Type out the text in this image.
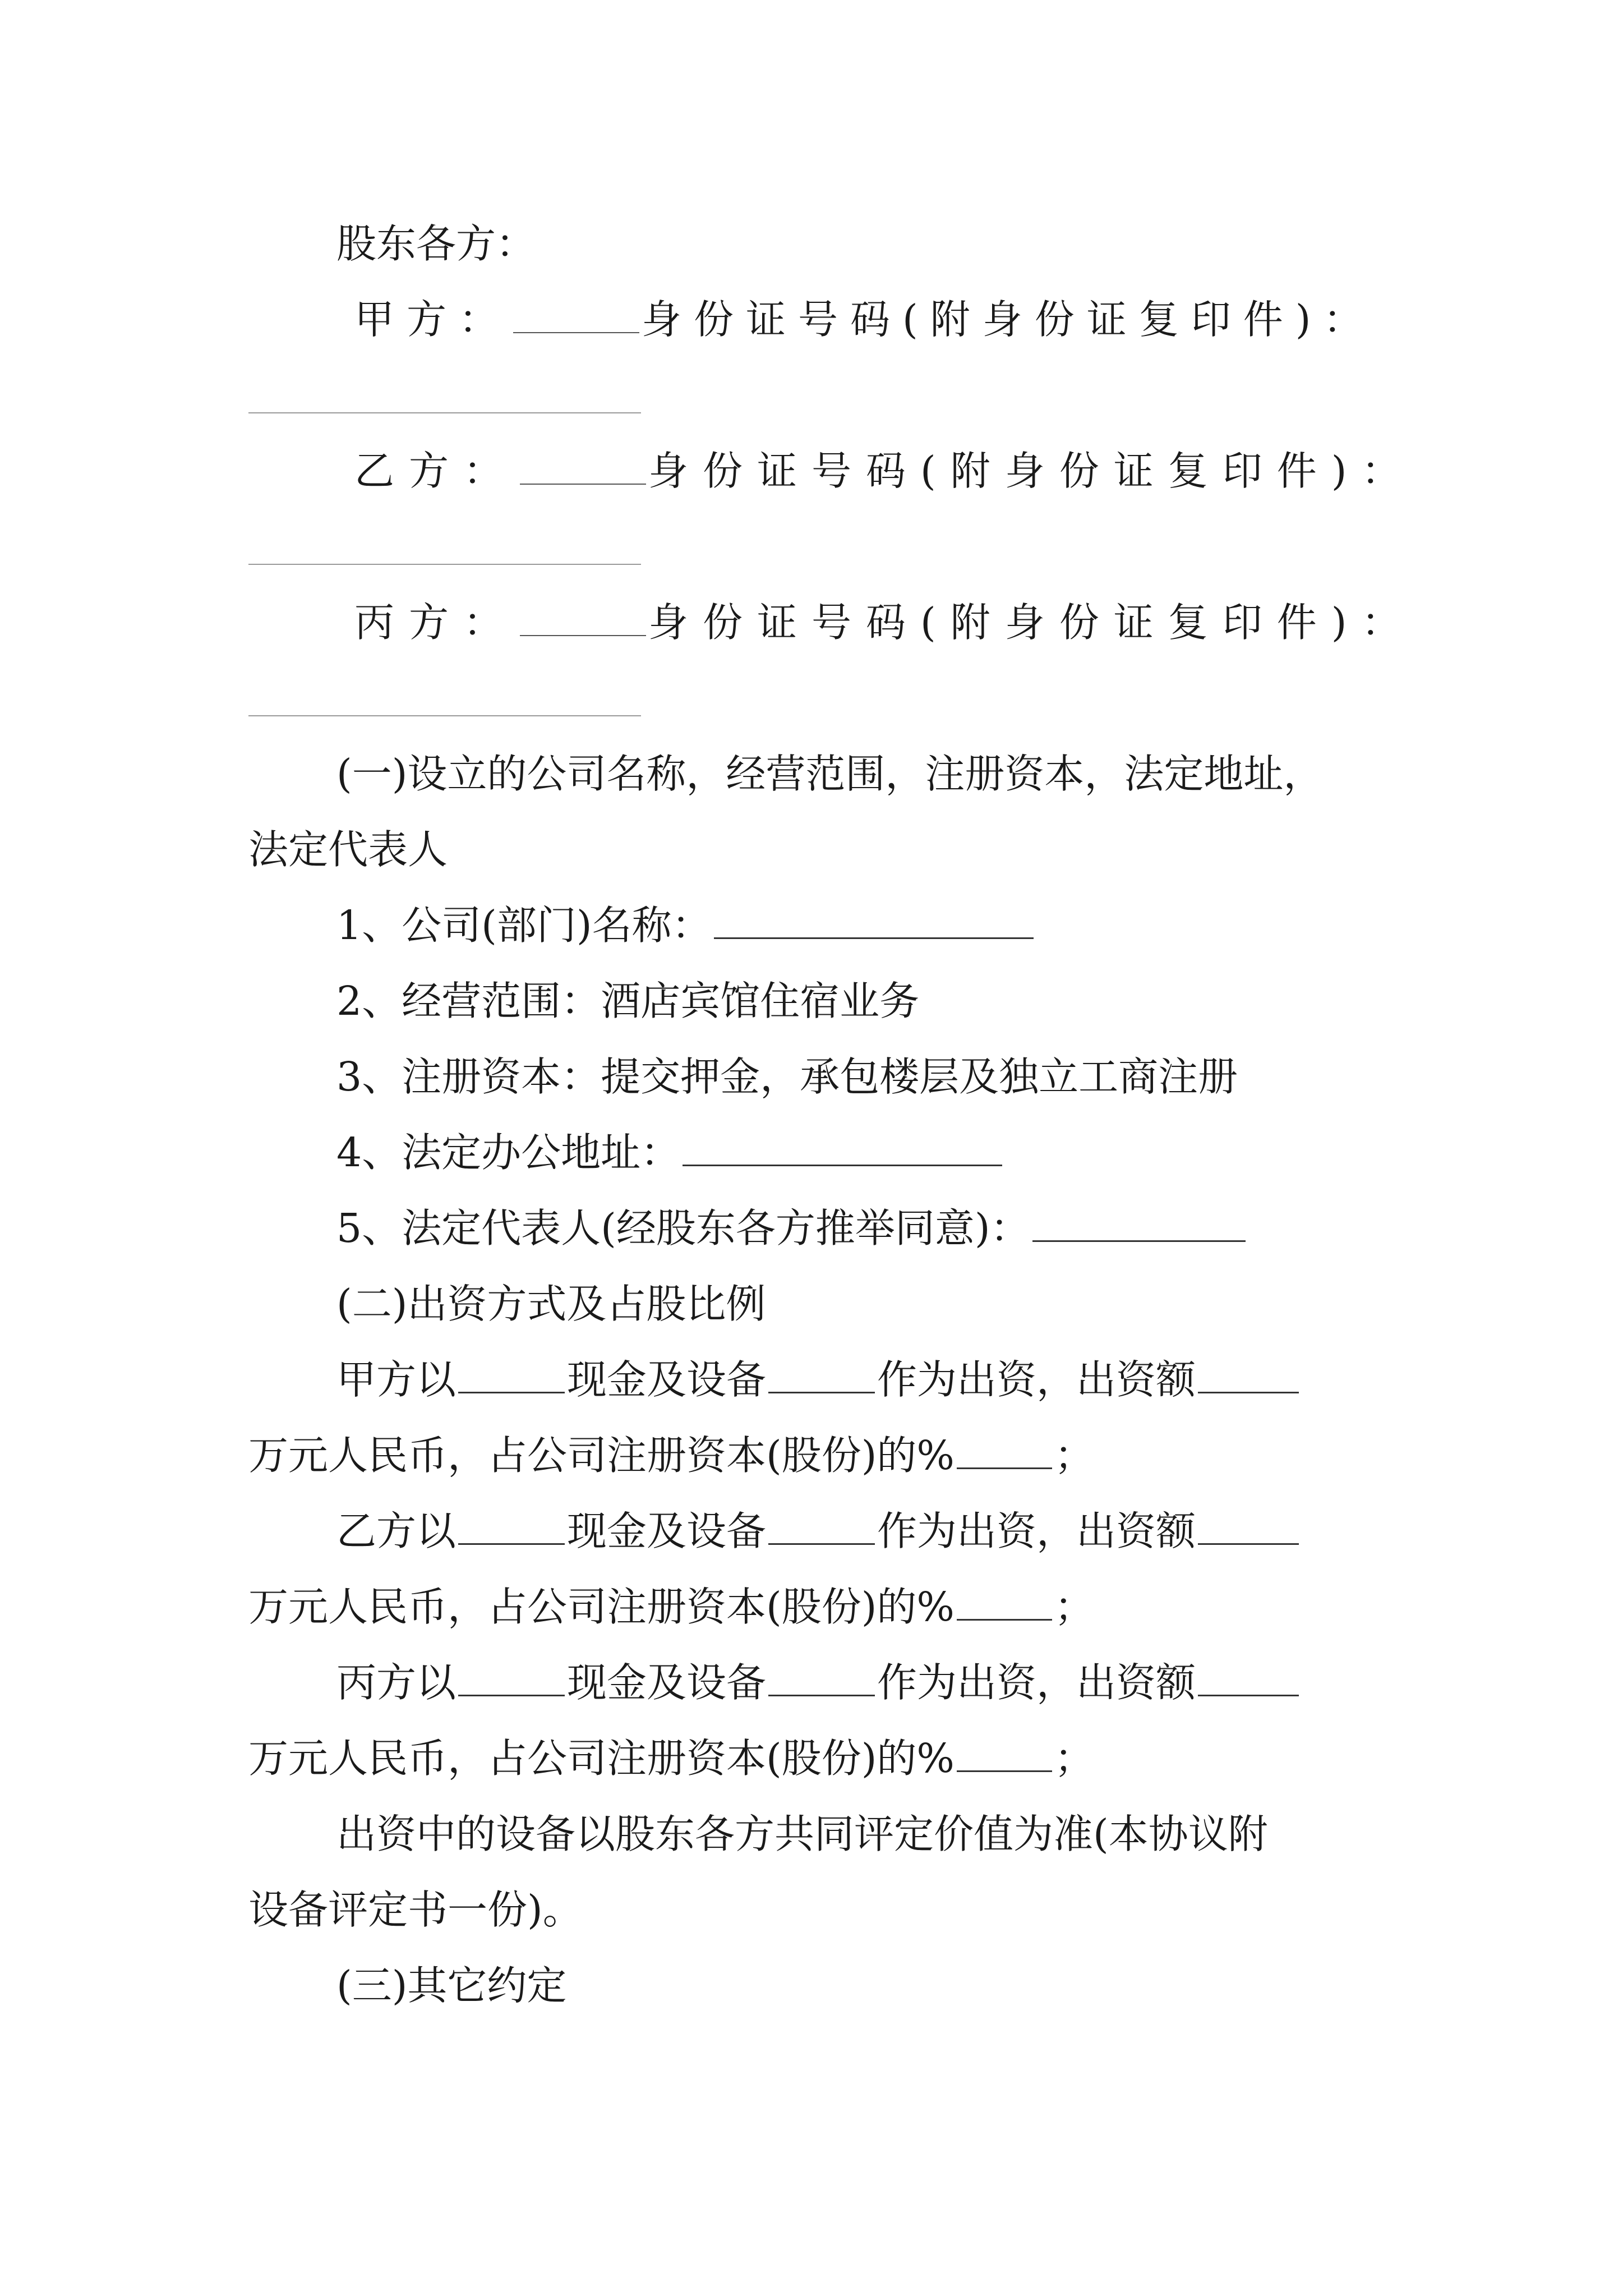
股东各方：

甲方：	身份证号码(附身份证复印件)：

乙方：	身份证号码(附身份证复印件)：

丙方：	身份证号码(附身份证复印件)：

(一)设立的公司名称，经营范围，注册资本，法定地址，

法定代表人

1、公司(部门)名称：

2、经营范围：酒店宾馆住宿业务

3、注册资本：提交押金，承包楼层及独立工商注册

4、法定办公地址：

5、法定代表人(经股东各方推举同意)：

(二)出资方式及占股比例

甲方以	现金及设备	作为出资，出资额

万元人民币，占公司注册资本(股份)的%	；

乙方以	现金及设备	作为出资，出资额

万元人民币，占公司注册资本(股份)的%	；

丙方以	现金及设备	作为出资，出资额

万元人民币，占公司注册资本(股份)的%	；

出资中的设备以股东各方共同评定价值为准(本协议附

设备评定书一份)。

(三)其它约定
